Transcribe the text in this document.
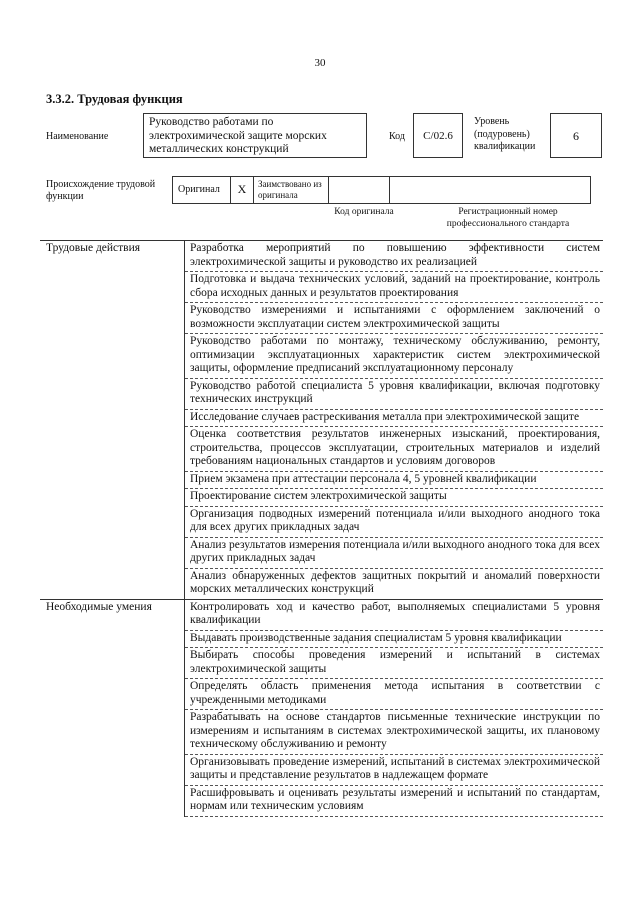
30
3.3.2. Трудовая функция
Наименование
Руководство работами по электрохимической защите морских металлических конструкций
Код	C/02.6
Уровень (подуровень) квалификации
6
Происхождение трудовой функции
Оригинал	X	Заимствовано из оригинала
Код оригинала	Регистрационный номер профессионального стандарта
Трудовые действия	Разработка мероприятий по повышению эффективности систем электрохимической защиты и руководство их реализацией
	Подготовка и выдача технических условий, заданий на проектирование, контроль сбора исходных данных и результатов проектирования
	Руководство измерениями и испытаниями с оформлением заключений о возможности эксплуатации систем электрохимической защиты
	Руководство работами по монтажу, техническому обслуживанию, ремонту, оптимизации эксплуатационных характеристик систем электрохимической защиты, оформление предписаний эксплуатационному персоналу
	Руководство работой специалиста 5 уровня квалификации, включая подготовку технических инструкций
	Исследование случаев растрескивания металла при электрохимической защите
	Оценка соответствия результатов инженерных изысканий, проектирования, строительства, процессов эксплуатации, строительных материалов и изделий требованиям национальных стандартов и условиям договоров
	Прием экзамена при аттестации персонала 4, 5 уровней квалификации
	Проектирование систем электрохимической защиты
	Организация подводных измерений потенциала и/или выходного анодного тока для всех других прикладных задач
	Анализ результатов измерения потенциала и/или выходного анодного тока для всех других прикладных задач
	Анализ обнаруженных дефектов защитных покрытий и аномалий поверхности морских металлических конструкций
Необходимые умения	Контролировать ход и качество работ, выполняемых специалистами 5 уровня квалификации
	Выдавать производственные задания специалистам 5 уровня квалификации
	Выбирать способы проведения измерений и испытаний в системах электрохимической защиты
	Определять область применения метода испытания в соответствии с учрежденными методиками
	Разрабатывать на основе стандартов письменные технические инструкции по измерениям и испытаниям в системах электрохимической защиты, их плановому техническому обслуживанию и ремонту
	Организовывать проведение измерений, испытаний в системах электрохимической защиты и представление результатов в надлежащем формате
	Расшифровывать и оценивать результаты измерений и испытаний по стандартам, нормам или техническим условиям
